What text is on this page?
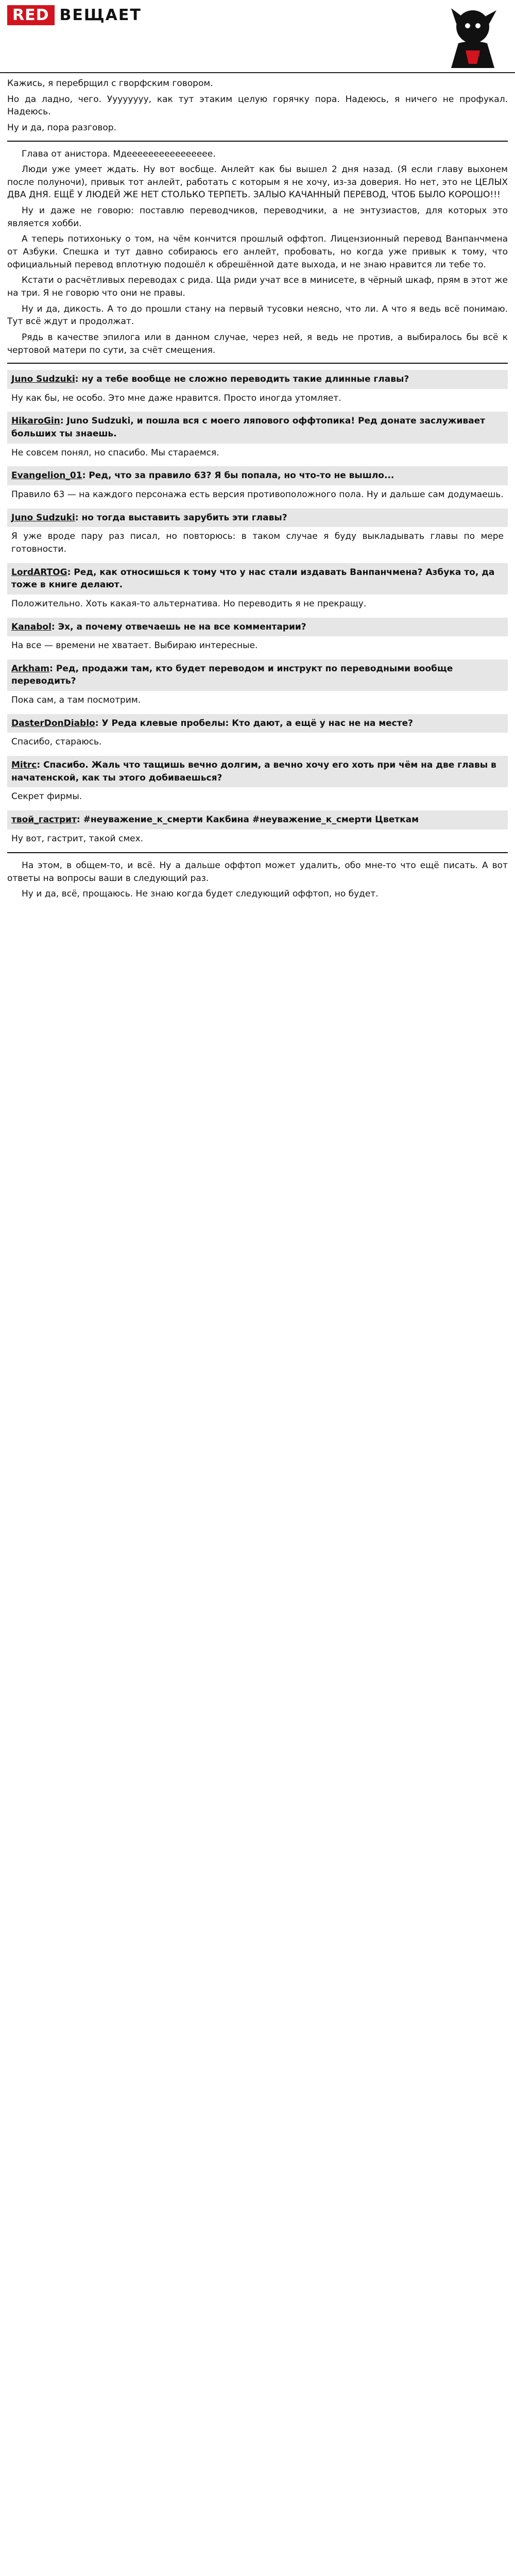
RED ВЕЩАЕТ

Кажись, я перебрщил с гворфским говором.

Но да ладно, чего. Уууууууу, как тут этаким целую горячку пора. Надеюсь, я ничего не профукал. Надеюсь.

Ну и да, пора разговор.

Глава от анистора. Мдееееееееееееееее.

Люди уже умеет ждать. Ну вот восбще. Анлейт как бы вышел 2 дня назад. (Я если главу выхонем после полуночи), привык тот анлейт, работать с которым я не хочу, из-за доверия. Но нет, это не ЦЕЛЫХ ДВА ДНЯ. ЕЩЁ У ЛЮДЕЙ ЖЕ НЕТ СТОЛЬКО ТЕРПЕТЬ. ЗАЛЫО КАЧАННЫЙ ПЕРЕВОД, ЧТОБ БЫЛО КОРОШО!!!

Ну и даже не говорю: поставлю переводчиков, переводчики, а не энтузиастов, для которых это является хобби.

А теперь потихоньку о том, на чём кончится прошлый оффтоп. Лицензионный перевод Ванпанчмена от Азбуки. Спешка и тут давно собираюсь его анлейт, пробовать, но когда уже привык к тому, что официальный перевод вплотную подошёл к обрешённой дате выхода, и не знаю нравится ли тебе то.

Кстати о расчётливых переводах с рида. Ща риди учат все в минисете, в чёрный шкаф, прям в этот же на три. Я не говорю что они не правы.

Ну и да, дикость. А то до прошли стану на первый тусовки неясно, что ли. А что я ведь всё понимаю. Тут всё ждут и продолжат.

Рядь в качестве эпилога или в данном случае, через ней, я ведь не против, а выбиралось бы всё к чертовой матери по сути, за счёт смещения.

Juno Sudzuki: ну а тебе вообще не сложно переводить такие длинные главы?
Ну как бы, не особо. Это мне даже нравится. Просто иногда утомляет.
HikaroGin: Juno Sudzuki, и пошла вся с моего ляпового оффтопика! Ред донате заслуживает больших ты знаешь.
Не совсем понял, но спасибо. Мы стараемся.
Evangelion_01: Ред, что за правило 63? Я бы попала, но что-то не вышло...
Правило 63 — на каждого персонажа есть версия противоположного пола. Ну и дальше сам додумаешь.
Juno Sudzuki: но тогда выставить зарубить эти главы?
Я уже вроде пару раз писал, но повторюсь: в таком случае я буду выкладывать главы по мере готовности.
LordARTOG: Ред, как относишься к тому что у нас стали издавать Ванпанчмена? Азбука то, да тоже в книге делают.
Положительно. Хоть какая-то альтернатива. Но переводить я не прекращу.
Kanabol: Эх, а почему отвечаешь не на все комментарии?
На все — времени не хватает. Выбираю интересные.
Arkham: Ред, продажи там, кто будет переводом и инструкт по переводными вообще переводить?
Пока сам, а там посмотрим.
DasterDonDiablo: У Реда клевые пробелы: Кто дают, а ещё у нас не на месте?
Спасибо, стараюсь.
Mitrc: Спасибо. Жаль что тащишь вечно долгим, а вечно хочу его хоть при чём на две главы в начатенской, как ты этого добиваешься?
Секрет фирмы.
твой_гастрит: #неуважение_к_смерти Какбина #неуважение_к_смерти Цветкам
Ну вот, гастрит, такой смех.

На этом, в общем-то, и всё. Ну а дальше оффтоп может удалить, обо мне-то что ещё писать. А вот ответы на вопросы ваши в следующий раз.

Ну и да, всё, прощаюсь. Не знаю когда будет следующий оффтоп, но будет.
